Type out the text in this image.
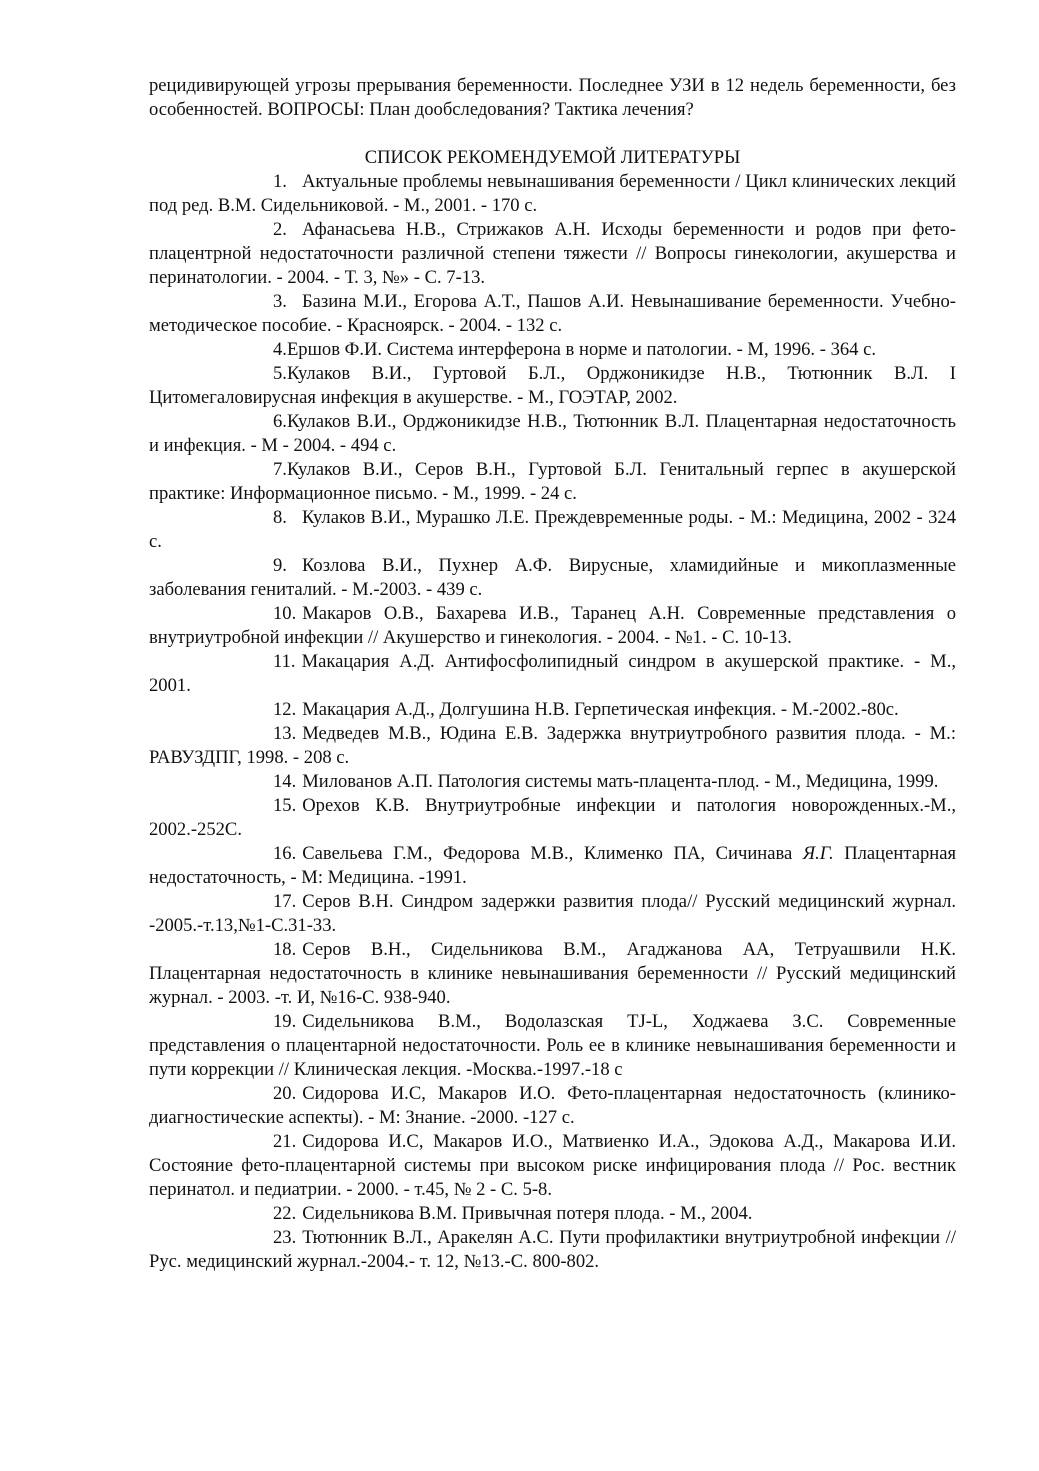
рецидивирующей угрозы прерывания беременности. Последнее УЗИ в 12 недель беременности, без особенностей. ВОПРОСЫ: План дообследования? Тактика лечения?

СПИСОК РЕКОМЕНДУЕМОЙ ЛИТЕРАТУРЫ

1. Актуальные проблемы невынашивания беременности / Цикл клинических лекций под ред. В.М. Сидельниковой. - М., 2001. - 170 с.

2. Афанасьева Н.В., Стрижаков А.Н. Исходы беременности и родов при фето-плацентрной недостаточности различной степени тяжести // Вопросы гинекологии, акушерства и перинатологии. - 2004. - Т. 3, №» - С. 7-13.

3. Базина М.И., Егорова А.Т., Пашов А.И. Невынашивание беременности. Учебно-методическое пособие. - Красноярск. - 2004. - 132 с.

4.Ершов Ф.И. Система интерферона в норме и патологии. - М, 1996. - 364 с.

5.Кулаков В.И., Гуртовой Б.Л., Орджоникидзе Н.В., Тютюнник В.Л. I Цитомегаловирусная инфекция в акушерстве. - М., ГОЭТАР, 2002.

6.Кулаков В.И., Орджоникидзе Н.В., Тютюнник В.Л. Плацентарная недостаточность и инфекция. - М - 2004. - 494 с.

7.Кулаков В.И., Серов В.Н., Гуртовой Б.Л. Генитальный герпес в акушерской практике: Информационное письмо. - М., 1999. - 24 с.

8. Кулаков В.И., Мурашко Л.Е. Преждевременные роды. - М.: Медицина, 2002 - 324 с.

9. Козлова В.И., Пухнер А.Ф. Вирусные, хламидийные и микоплазменные заболевания гениталий. - М.-2003. - 439 с.

10. Макаров О.В., Бахарева И.В., Таранец А.Н. Современные представления о внутриутробной инфекции // Акушерство и гинекология. - 2004. - №1. - С. 10-13.

11. Макацария А.Д. Антифосфолипидный синдром в акушерской практике. - М., 2001.

12. Макацария А.Д., Долгушина Н.В. Герпетическая инфекция. - М.-2002.-80с.

13. Медведев М.В., Юдина Е.В. Задержка внутриутробного развития плода. - М.: РАВУЗДПГ, 1998. - 208 с.

14. Милованов А.П. Патология системы мать-плацента-плод. - М., Медицина, 1999.

15. Орехов К.В. Внутриутробные инфекции и патология новорожденных.-М., 2002.-252С.

16. Савельева Г.М., Федорова М.В., Клименко ПА, Сичинава Я.Г. Плацентарная недостаточность, - М: Медицина. -1991.

17. Серов В.Н. Синдром задержки развития плода// Русский медицинский журнал. -2005.-т.13,№1-С.31-33.

18. Серов В.Н., Сидельникова В.М., Агаджанова АА, Тетруашвили Н.К. Плацентарная недостаточность в клинике невынашивания беременности // Русский медицинский журнал. - 2003. -т. И, №16-С. 938-940.

19. Сидельникова В.М., Водолазская TJ-L, Ходжаева З.С. Современные представления о плацентарной недостаточности. Роль ее в клинике невынашивания беременности и пути коррекции // Клиническая лекция. -Москва.-1997.-18 с

20. Сидорова И.С, Макаров И.О. Фето-плацентарная недостаточность (клинико-диагностические аспекты). - М: Знание. -2000. -127 с.

21. Сидорова И.С, Макаров И.О., Матвиенко И.А., Эдокова А.Д., Макарова И.И. Состояние фето-плацентарной системы при высоком риске инфицирования плода // Рос. вестник перинатол. и педиатрии. - 2000. - т.45, № 2 - С. 5-8.

22. Сидельникова В.М. Привычная потеря плода. - М., 2004.

23. Тютюнник В.Л., Аракелян А.С. Пути профилактики внутриутробной инфекции // Рус. медицинский журнал.-2004.- т. 12, №13.-С. 800-802.
